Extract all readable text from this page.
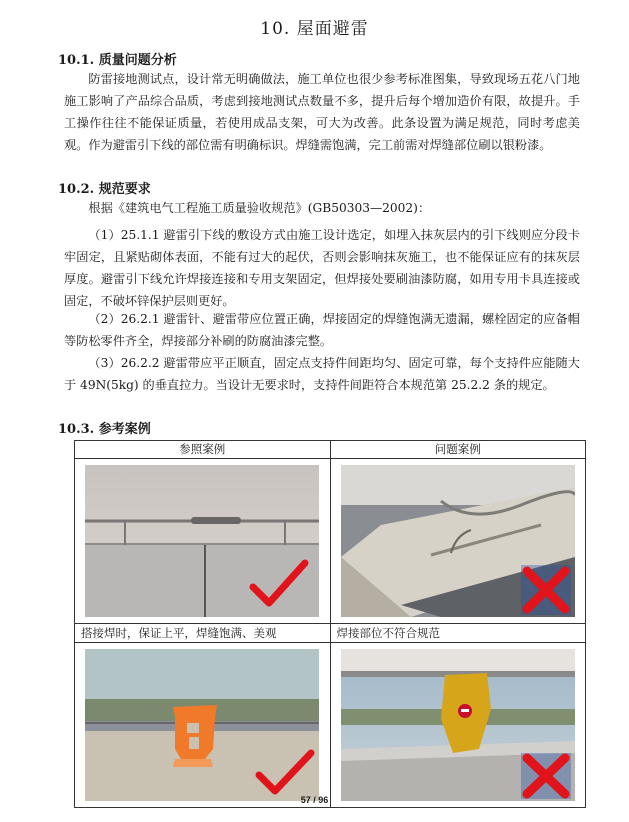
10. 屋面避雷
10.1. 质量问题分析

防雷接地测试点，设计常无明确做法，施工单位也很少参考标准图集，导致现场五花八门地施工影响了产品综合品质，考虑到接地测试点数量不多，提升后每个增加造价有限，故提升。手工操作往往不能保证质量，若使用成品支架，可大为改善。此条设置为满足规范，同时考虑美观。作为避雷引下线的部位需有明确标识。焊缝需饱满，完工前需对焊缝部位刷以银粉漆。

10.2. 规范要求

根据《建筑电气工程施工质量验收规范》(GB50303—2002)：

（1）25.1.1 避雷引下线的敷设方式由施工设计选定，如埋入抹灰层内的引下线则应分段卡牢固定，且紧贴砌体表面，不能有过大的起伏，否则会影响抹灰施工，也不能保证应有的抹灰层厚度。避雷引下线允许焊接连接和专用支架固定，但焊接处要刷油漆防腐，如用专用卡具连接或固定，不破坏锌保护层则更好。

（2）26.2.1 避雷针、避雷带应位置正确，焊接固定的焊缝饱满无遗漏，螺栓固定的应备帽等防松零件齐全，焊接部分补刷的防腐油漆完整。

（3）26.2.2 避雷带应平正顺直，固定点支持件间距均匀、固定可靠，每个支持件应能随大于 49N(5kg) 的垂直拉力。当设计无要求时，支持件间距符合本规范第 25.2.2 条的规定。

10.3. 参考案例
参照案例	问题案例

搭接焊时，保证上平，焊缝饱满、美观	焊接部位不符合规范

57 / 96
